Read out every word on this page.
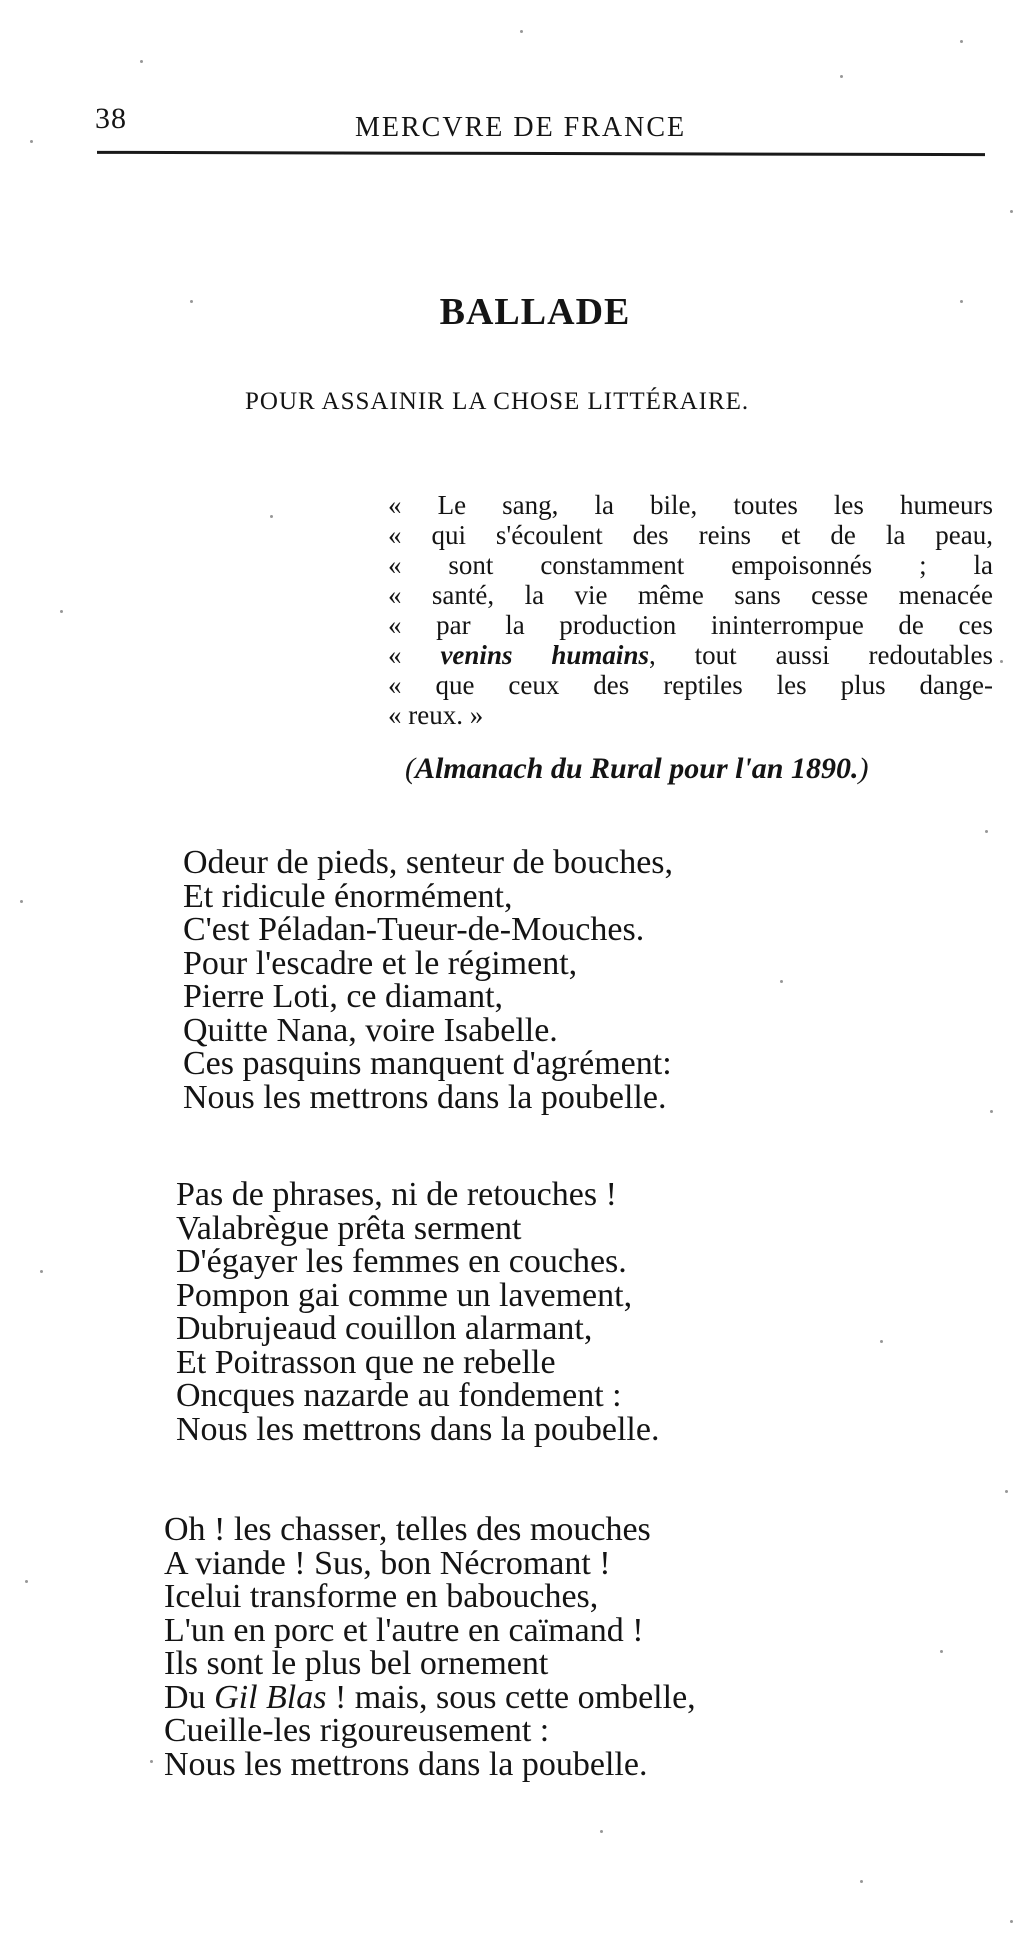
38	MERCVRE DE FRANCE
BALLADE
POUR ASSAINIR LA CHOSE LITTÉRAIRE.
« Le sang, la bile, toutes les humeurs
« qui s'écoulent des reins et de la peau,
« sont constamment empoisonnés ; la
« santé, la vie même sans cesse menacée
« par la production ininterrompue de ces
« venins humains, tout aussi redoutables
« que ceux des reptiles les plus dange-
« reux. »
(Almanach du Rural pour l'an 1890.)
Odeur de pieds, senteur de bouches,
Et ridicule énormément,
C'est Péladan-Tueur-de-Mouches.
Pour l'escadre et le régiment,
Pierre Loti, ce diamant,
Quitte Nana, voire Isabelle.
Ces pasquins manquent d'agrément:
Nous les mettrons dans la poubelle.
Pas de phrases, ni de retouches !
Valabrègue prêta serment
D'égayer les femmes en couches.
Pompon gai comme un lavement,
Dubrujeaud couillon alarmant,
Et Poitrasson que ne rebelle
Oncques nazarde au fondement :
Nous les mettrons dans la poubelle.
Oh ! les chasser, telles des mouches
A viande ! Sus, bon Nécromant !
Icelui transforme en babouches,
L'un en porc et l'autre en caïmand !
Ils sont le plus bel ornement
Du Gil Blas ! mais, sous cette ombelle,
Cueille-les rigoureusement :
Nous les mettrons dans la poubelle.
